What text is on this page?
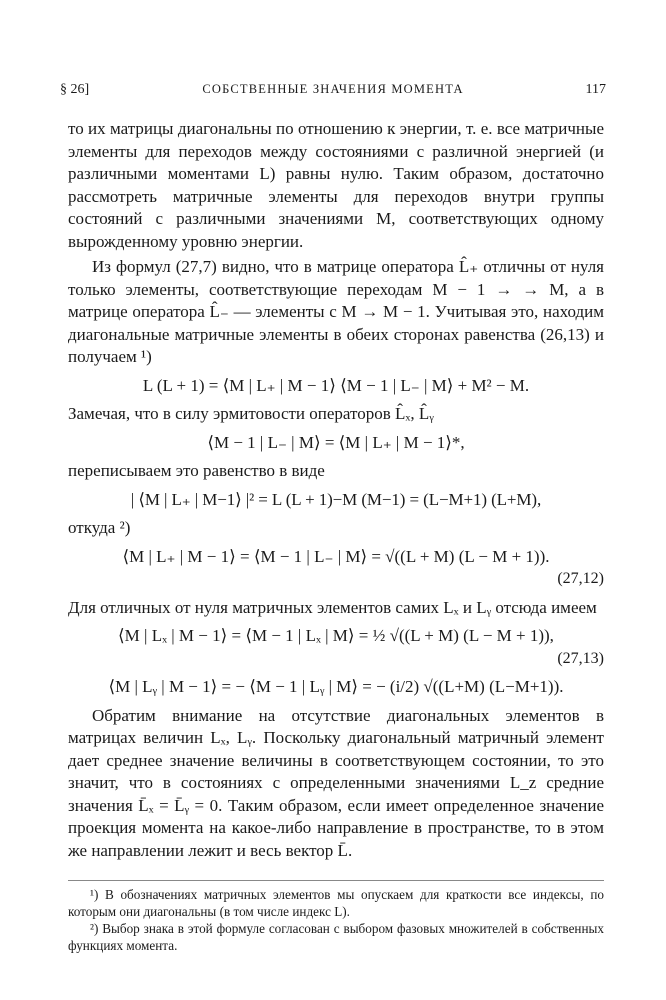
§ 26]	СОБСТВЕННЫЕ ЗНАЧЕНИЯ МОМЕНТА	117

то их матрицы диагональны по отношению к энергии, т. е. все матричные элементы для переходов между состояниями с различной энергией (и различными моментами L) равны нулю. Таким образом, достаточно рассмотреть матричные элементы для переходов внутри группы состояний с различными значениями M, соответствующих одному вырожденному уровню энергии.

Из формул (27,7) видно, что в матрице оператора L̂₊ отличны от нуля только элементы, соответствующие переходам M − 1 → → M, а в матрице оператора L̂₋ — элементы с M → M − 1. Учитывая это, находим диагональные матричные элементы в обеих сторонах равенства (26,13) и получаем ¹)

L (L + 1) = ⟨M | L₊ | M − 1⟩ ⟨M − 1 | L₋ | M⟩ + M² − M.

Замечая, что в силу эрмитовости операторов L̂ₓ, L̂ᵧ

⟨M − 1 | L₋ | M⟩ = ⟨M | L₊ | M − 1⟩*,

переписываем это равенство в виде

| ⟨M | L₊ | M−1⟩ |² = L (L + 1)−M (M−1) = (L−M+1) (L+M),

откуда ²)

⟨M | L₊ | M − 1⟩ = ⟨M − 1 | L₋ | M⟩ = √((L + M) (L − M + 1)).
(27,12)

Для отличных от нуля матричных элементов самих Lₓ и Lᵧ отсюда имеем

⟨M | Lₓ | M − 1⟩ = ⟨M − 1 | Lₓ | M⟩ = ½ √((L + M) (L − M + 1)),
(27,13)
⟨M | Lᵧ | M − 1⟩ = − ⟨M − 1 | Lᵧ | M⟩ = − (i/2) √((L+M) (L−M+1)).

Обратим внимание на отсутствие диагональных элементов в матрицах величин Lₓ, Lᵧ. Поскольку диагональный матричный элемент дает среднее значение величины в соответствующем состоянии, то это значит, что в состояниях с определенными значениями L_z средние значения L̄ₓ = L̄ᵧ = 0. Таким образом, если имеет определенное значение проекция момента на какое-либо направление в пространстве, то в этом же направлении лежит и весь вектор L̄.

¹) В обозначениях матричных элементов мы опускаем для краткости все индексы, по которым они диагональны (в том числе индекс L).

²) Выбор знака в этой формуле согласован с выбором фазовых множителей в собственных функциях момента.
